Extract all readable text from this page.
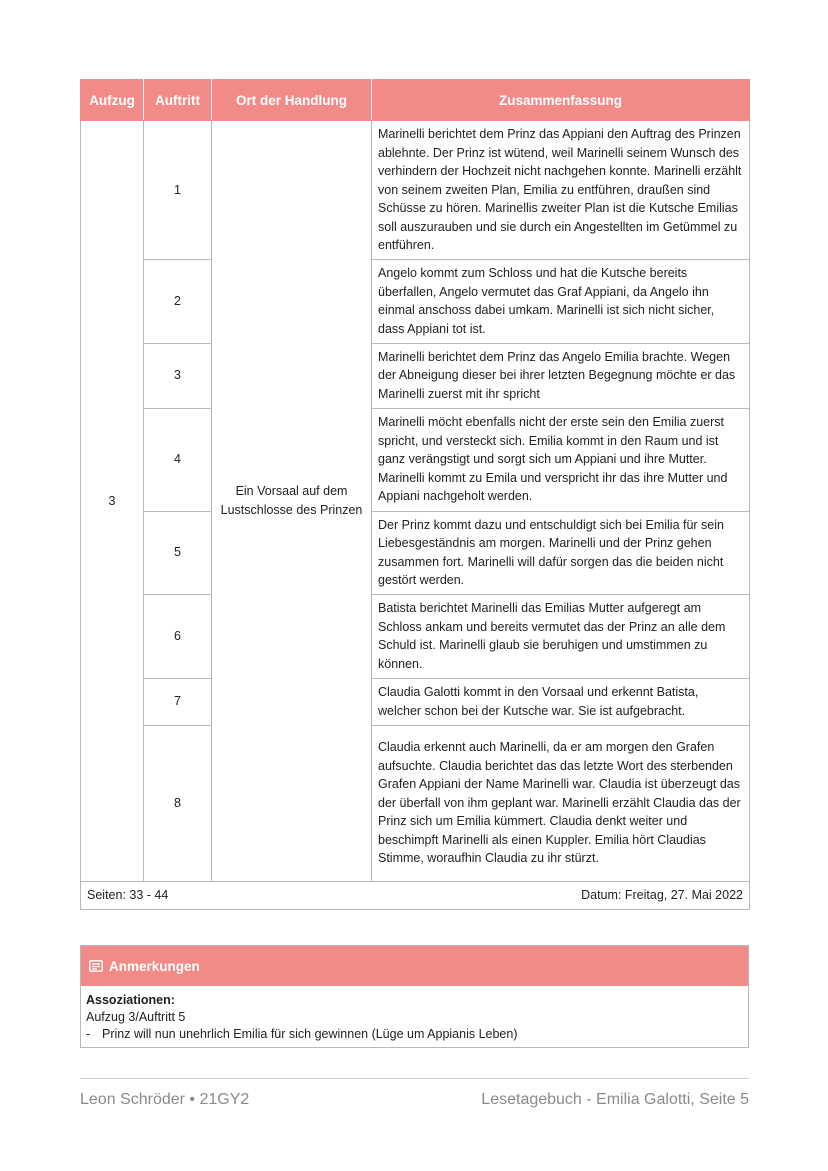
Aufzug	Auftritt	Ort der Handlung	Zusammenfassung
3	1	Ein Vorsaal auf dem Lustschlosse des Prinzen	Marinelli berichtet dem Prinz das Appiani den Auftrag des Prinzen ablehnte. Der Prinz ist wütend, weil Marinelli seinem Wunsch des verhindern der Hochzeit nicht nachgehen konnte. Marinelli erzählt von seinem zweiten Plan, Emilia zu entführen, draußen sind Schüsse zu hören. Marinellis zweiter Plan ist die Kutsche Emilias soll auszurauben und sie durch ein Angestellten im Getümmel zu entführen.
	2		Angelo kommt zum Schloss und hat die Kutsche bereits überfallen, Angelo vermutet das Graf Appiani, da Angelo ihn einmal anschoss dabei umkam. Marinelli ist sich nicht sicher, dass Appiani tot ist.
	3		Marinelli berichtet dem Prinz das Angelo Emilia brachte. Wegen der Abneigung dieser bei ihrer letzten Begegnung möchte er das Marinelli zuerst mit ihr spricht
	4		Marinelli möcht ebenfalls nicht der erste sein den Emilia zuerst spricht, und versteckt sich. Emilia kommt in den Raum und ist ganz verängstigt und sorgt sich um Appiani und ihre Mutter. Marinelli kommt zu Emila und verspricht ihr das ihre Mutter und Appiani nachgeholt werden.
	5		Der Prinz kommt dazu und entschuldigt sich bei Emilia für sein Liebesgeständnis am morgen. Marinelli und der Prinz gehen zusammen fort. Marinelli will dafür sorgen das die beiden nicht gestört werden.
	6		Batista berichtet Marinelli das Emilias Mutter aufgeregt am Schloss ankam und bereits vermutet das der Prinz an alle dem Schuld ist. Marinelli glaub sie beruhigen und umstimmen zu können.
	7		Claudia Galotti kommt in den Vorsaal und erkennt Batista, welcher schon bei der Kutsche war. Sie ist aufgebracht.
	8		Claudia erkennt auch Marinelli, da er am morgen den Grafen aufsuchte. Claudia berichtet das das letzte Wort des sterbenden Grafen Appiani der Name Marinelli war. Claudia ist überzeugt das der überfall von ihm geplant war. Marinelli erzählt Claudia das der Prinz sich um Emilia kümmert. Claudia denkt weiter und beschimpft Marinelli als einen Kuppler. Emilia hört Claudias Stimme, woraufhin Claudia zu ihr stürzt.

Seiten: 33 - 44 Datum: Freitag, 27. Mai 2022			
Anmerkungen
Assoziationen:
Aufzug 3/Auftritt 5
- Prinz will nun unehrlich Emilia für sich gewinnen (Lüge um Appianis Leben)
Leon Schröder • 21GY2	Lesetagebuch - Emilia Galotti, Seite 5
